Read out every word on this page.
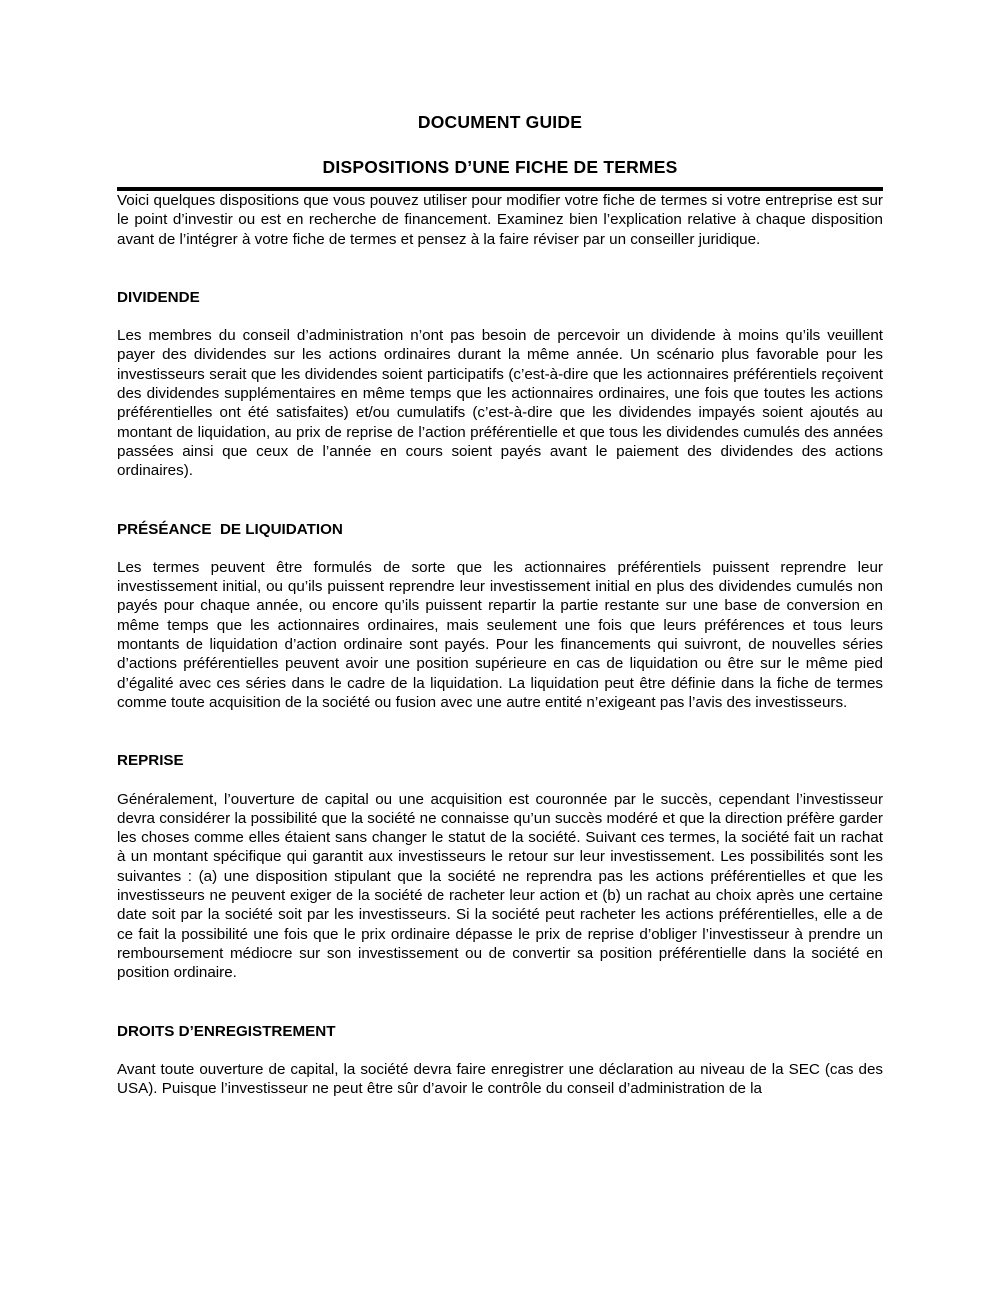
DOCUMENT GUIDE
DISPOSITIONS D’UNE FICHE DE TERMES

Voici quelques dispositions que vous pouvez utiliser pour modifier votre fiche de termes si votre entreprise est sur le point d’investir ou est en recherche de financement. Examinez bien l’explication relative à chaque disposition avant de l’intégrer à votre fiche de termes et pensez à la faire réviser par un conseiller juridique.

DIVIDENDE

Les membres du conseil d’administration n’ont pas besoin de percevoir un dividende à moins qu’ils veuillent payer des dividendes sur les actions ordinaires durant la même année. Un scénario plus favorable pour les investisseurs serait que les dividendes soient participatifs (c’est-à-dire que les actionnaires préférentiels reçoivent des dividendes supplémentaires en même temps que les actionnaires ordinaires, une fois que toutes les actions préférentielles ont été satisfaites) et/ou cumulatifs (c’est-à-dire que les dividendes impayés soient ajoutés au montant de liquidation, au prix de reprise de l’action préférentielle et que tous les dividendes cumulés des années passées ainsi que ceux de l’année en cours soient payés avant le paiement des dividendes des actions ordinaires).

PRÉSÉANCE  DE LIQUIDATION

Les termes peuvent être formulés de sorte que les actionnaires préférentiels puissent reprendre leur investissement initial, ou qu’ils puissent reprendre leur investissement initial en plus des dividendes cumulés non payés pour chaque année, ou encore qu’ils puissent repartir la partie restante sur une base de conversion en même temps que les actionnaires ordinaires, mais seulement une fois que leurs préférences et tous leurs montants de liquidation d’action ordinaire sont payés. Pour les financements qui suivront, de nouvelles séries d’actions préférentielles peuvent avoir une position supérieure en cas de liquidation ou être sur le même pied d’égalité avec ces séries dans le cadre de la liquidation. La liquidation peut être définie dans la fiche de termes comme toute acquisition de la société ou fusion avec une autre entité n’exigeant pas l’avis des investisseurs.

REPRISE

Généralement, l’ouverture de capital ou une acquisition est couronnée par le succès, cependant l’investisseur devra considérer la possibilité que la société ne connaisse qu’un succès modéré et que la direction préfère garder les choses comme elles étaient sans changer le statut de la société. Suivant ces termes, la société fait un rachat à un montant spécifique qui garantit aux investisseurs le retour sur leur investissement. Les possibilités sont les suivantes : (a) une disposition stipulant que la société ne reprendra pas les actions préférentielles et que les investisseurs ne peuvent exiger de la société de racheter leur action et (b) un rachat au choix après une certaine date soit par la société soit par les investisseurs. Si la société peut racheter les actions préférentielles, elle a de ce fait la possibilité une fois que le prix ordinaire dépasse le prix de reprise d’obliger l’investisseur à prendre un remboursement médiocre sur son investissement ou de convertir sa position préférentielle dans la société en position ordinaire.

DROITS D’ENREGISTREMENT

Avant toute ouverture de capital, la société devra faire enregistrer une déclaration au niveau de la SEC (cas des USA). Puisque l’investisseur ne peut être sûr d’avoir le contrôle du conseil d’administration de la
